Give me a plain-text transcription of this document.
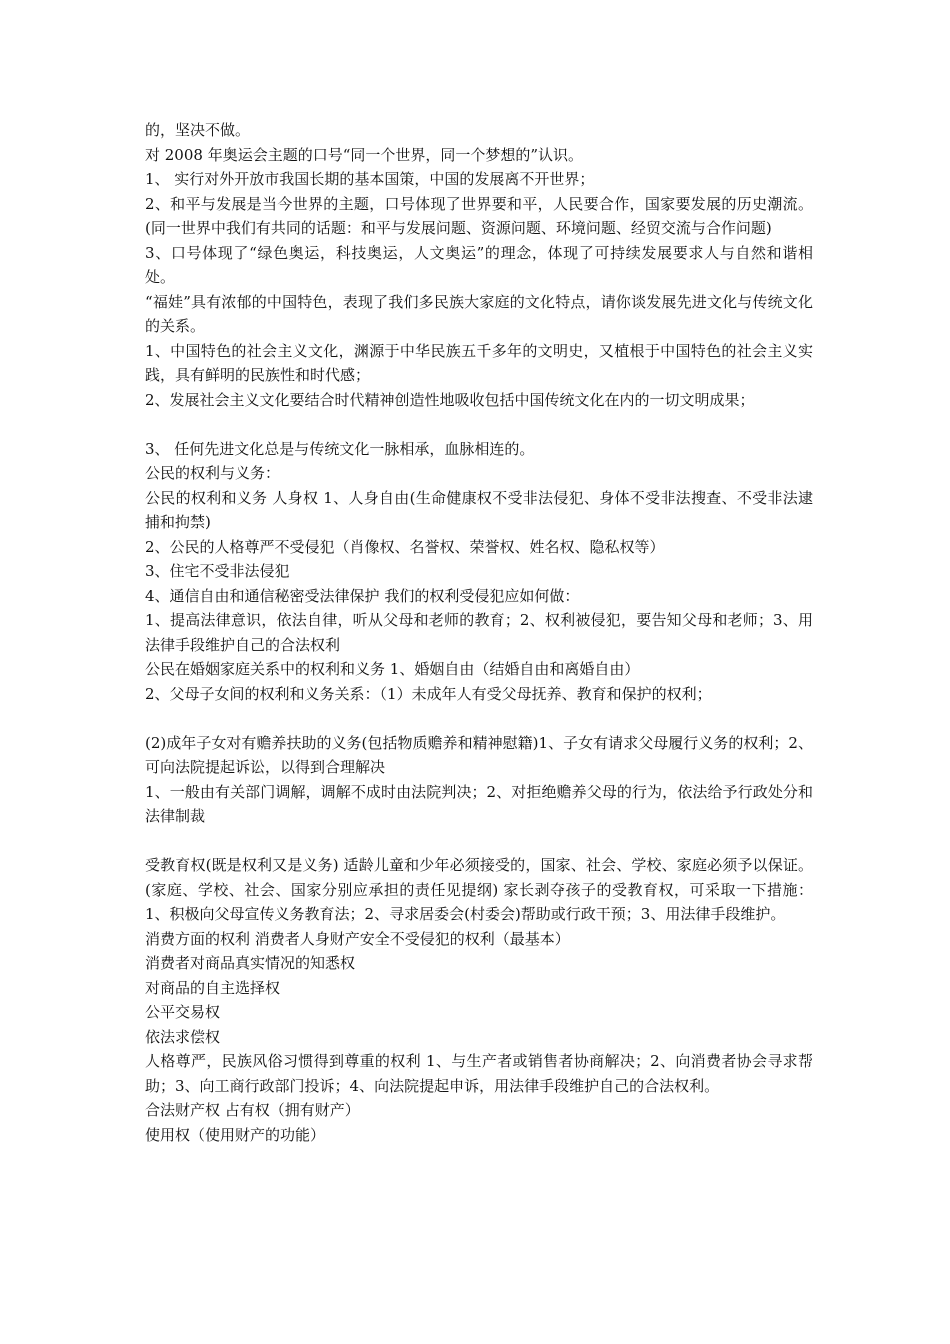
的，坚决不做。

对 2008 年奥运会主题的口号“同一个世界，同一个梦想的”认识。

1、 实行对外开放市我国长期的基本国策，中国的发展离不开世界；

2、和平与发展是当今世界的主题，口号体现了世界要和平，人民要合作，国家要发展的历史潮流。(同一世界中我们有共同的话题：和平与发展问题、资源问题、环境问题、经贸交流与合作问题)

3、口号体现了“绿色奥运，科技奥运，人文奥运”的理念，体现了可持续发展要求人与自然和谐相处。

“福娃”具有浓郁的中国特色，表现了我们多民族大家庭的文化特点，请你谈发展先进文化与传统文化的关系。

1、中国特色的社会主义文化，渊源于中华民族五千多年的文明史，又植根于中国特色的社会主义实践，具有鲜明的民族性和时代感；

2、发展社会主义文化要结合时代精神创造性地吸收包括中国传统文化在内的一切文明成果；

3、 任何先进文化总是与传统文化一脉相承，血脉相连的。

公民的权利与义务：

公民的权利和义务 人身权 1、人身自由(生命健康权不受非法侵犯、身体不受非法搜查、不受非法逮捕和拘禁)

2、公民的人格尊严不受侵犯（肖像权、名誉权、荣誉权、姓名权、隐私权等）

3、住宅不受非法侵犯

4、通信自由和通信秘密受法律保护 我们的权利受侵犯应如何做：

1、提高法律意识，依法自律，听从父母和老师的教育；2、权利被侵犯，要告知父母和老师；3、用法律手段维护自己的合法权利

公民在婚姻家庭关系中的权利和义务 1、婚姻自由（结婚自由和离婚自由）

2、父母子女间的权利和义务关系：（1）未成年人有受父母抚养、教育和保护的权利；

(2)成年子女对有赡养扶助的义务(包括物质赡养和精神慰籍)1、子女有请求父母履行义务的权利；2、可向法院提起诉讼，以得到合理解决

1、一般由有关部门调解，调解不成时由法院判决；2、对拒绝赡养父母的行为，依法给予行政处分和法律制裁

受教育权(既是权利又是义务) 适龄儿童和少年必须接受的，国家、社会、学校、家庭必须予以保证。(家庭、学校、社会、国家分别应承担的责任见提纲) 家长剥夺孩子的受教育权，可采取一下措施：1、积极向父母宣传义务教育法；2、寻求居委会(村委会)帮助或行政干预；3、用法律手段维护。

消费方面的权利 消费者人身财产安全不受侵犯的权利（最基本）

消费者对商品真实情况的知悉权

对商品的自主选择权

公平交易权

依法求偿权

人格尊严，民族风俗习惯得到尊重的权利 1、与生产者或销售者协商解决；2、向消费者协会寻求帮助；3、向工商行政部门投诉；4、向法院提起申诉，用法律手段维护自己的合法权利。

合法财产权 占有权（拥有财产）

使用权（使用财产的功能）
